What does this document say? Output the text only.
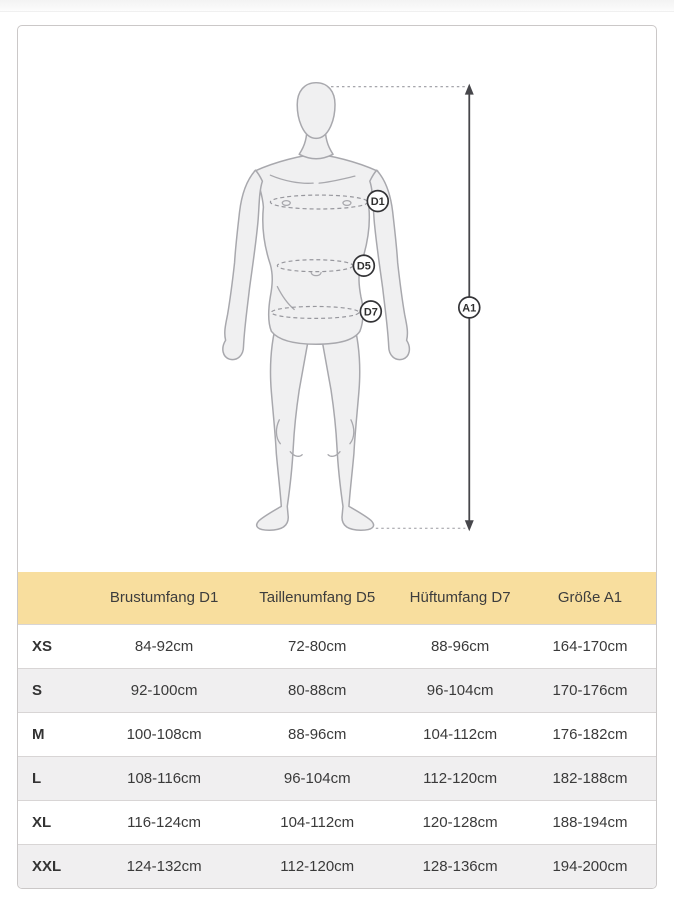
D1
D5
D7	A1
	Brustumfang D1	Taillenumfang D5	Hüftumfang D7	Größe A1
XS	84-92cm	72-80cm	88-96cm	164-170cm
S	92-100cm	80-88cm	96-104cm	170-176cm
M	100-108cm	88-96cm	104-112cm	176-182cm
L	108-116cm	96-104cm	112-120cm	182-188cm
XL	116-124cm	104-112cm	120-128cm	188-194cm
XXL	124-132cm	112-120cm	128-136cm	194-200cm
